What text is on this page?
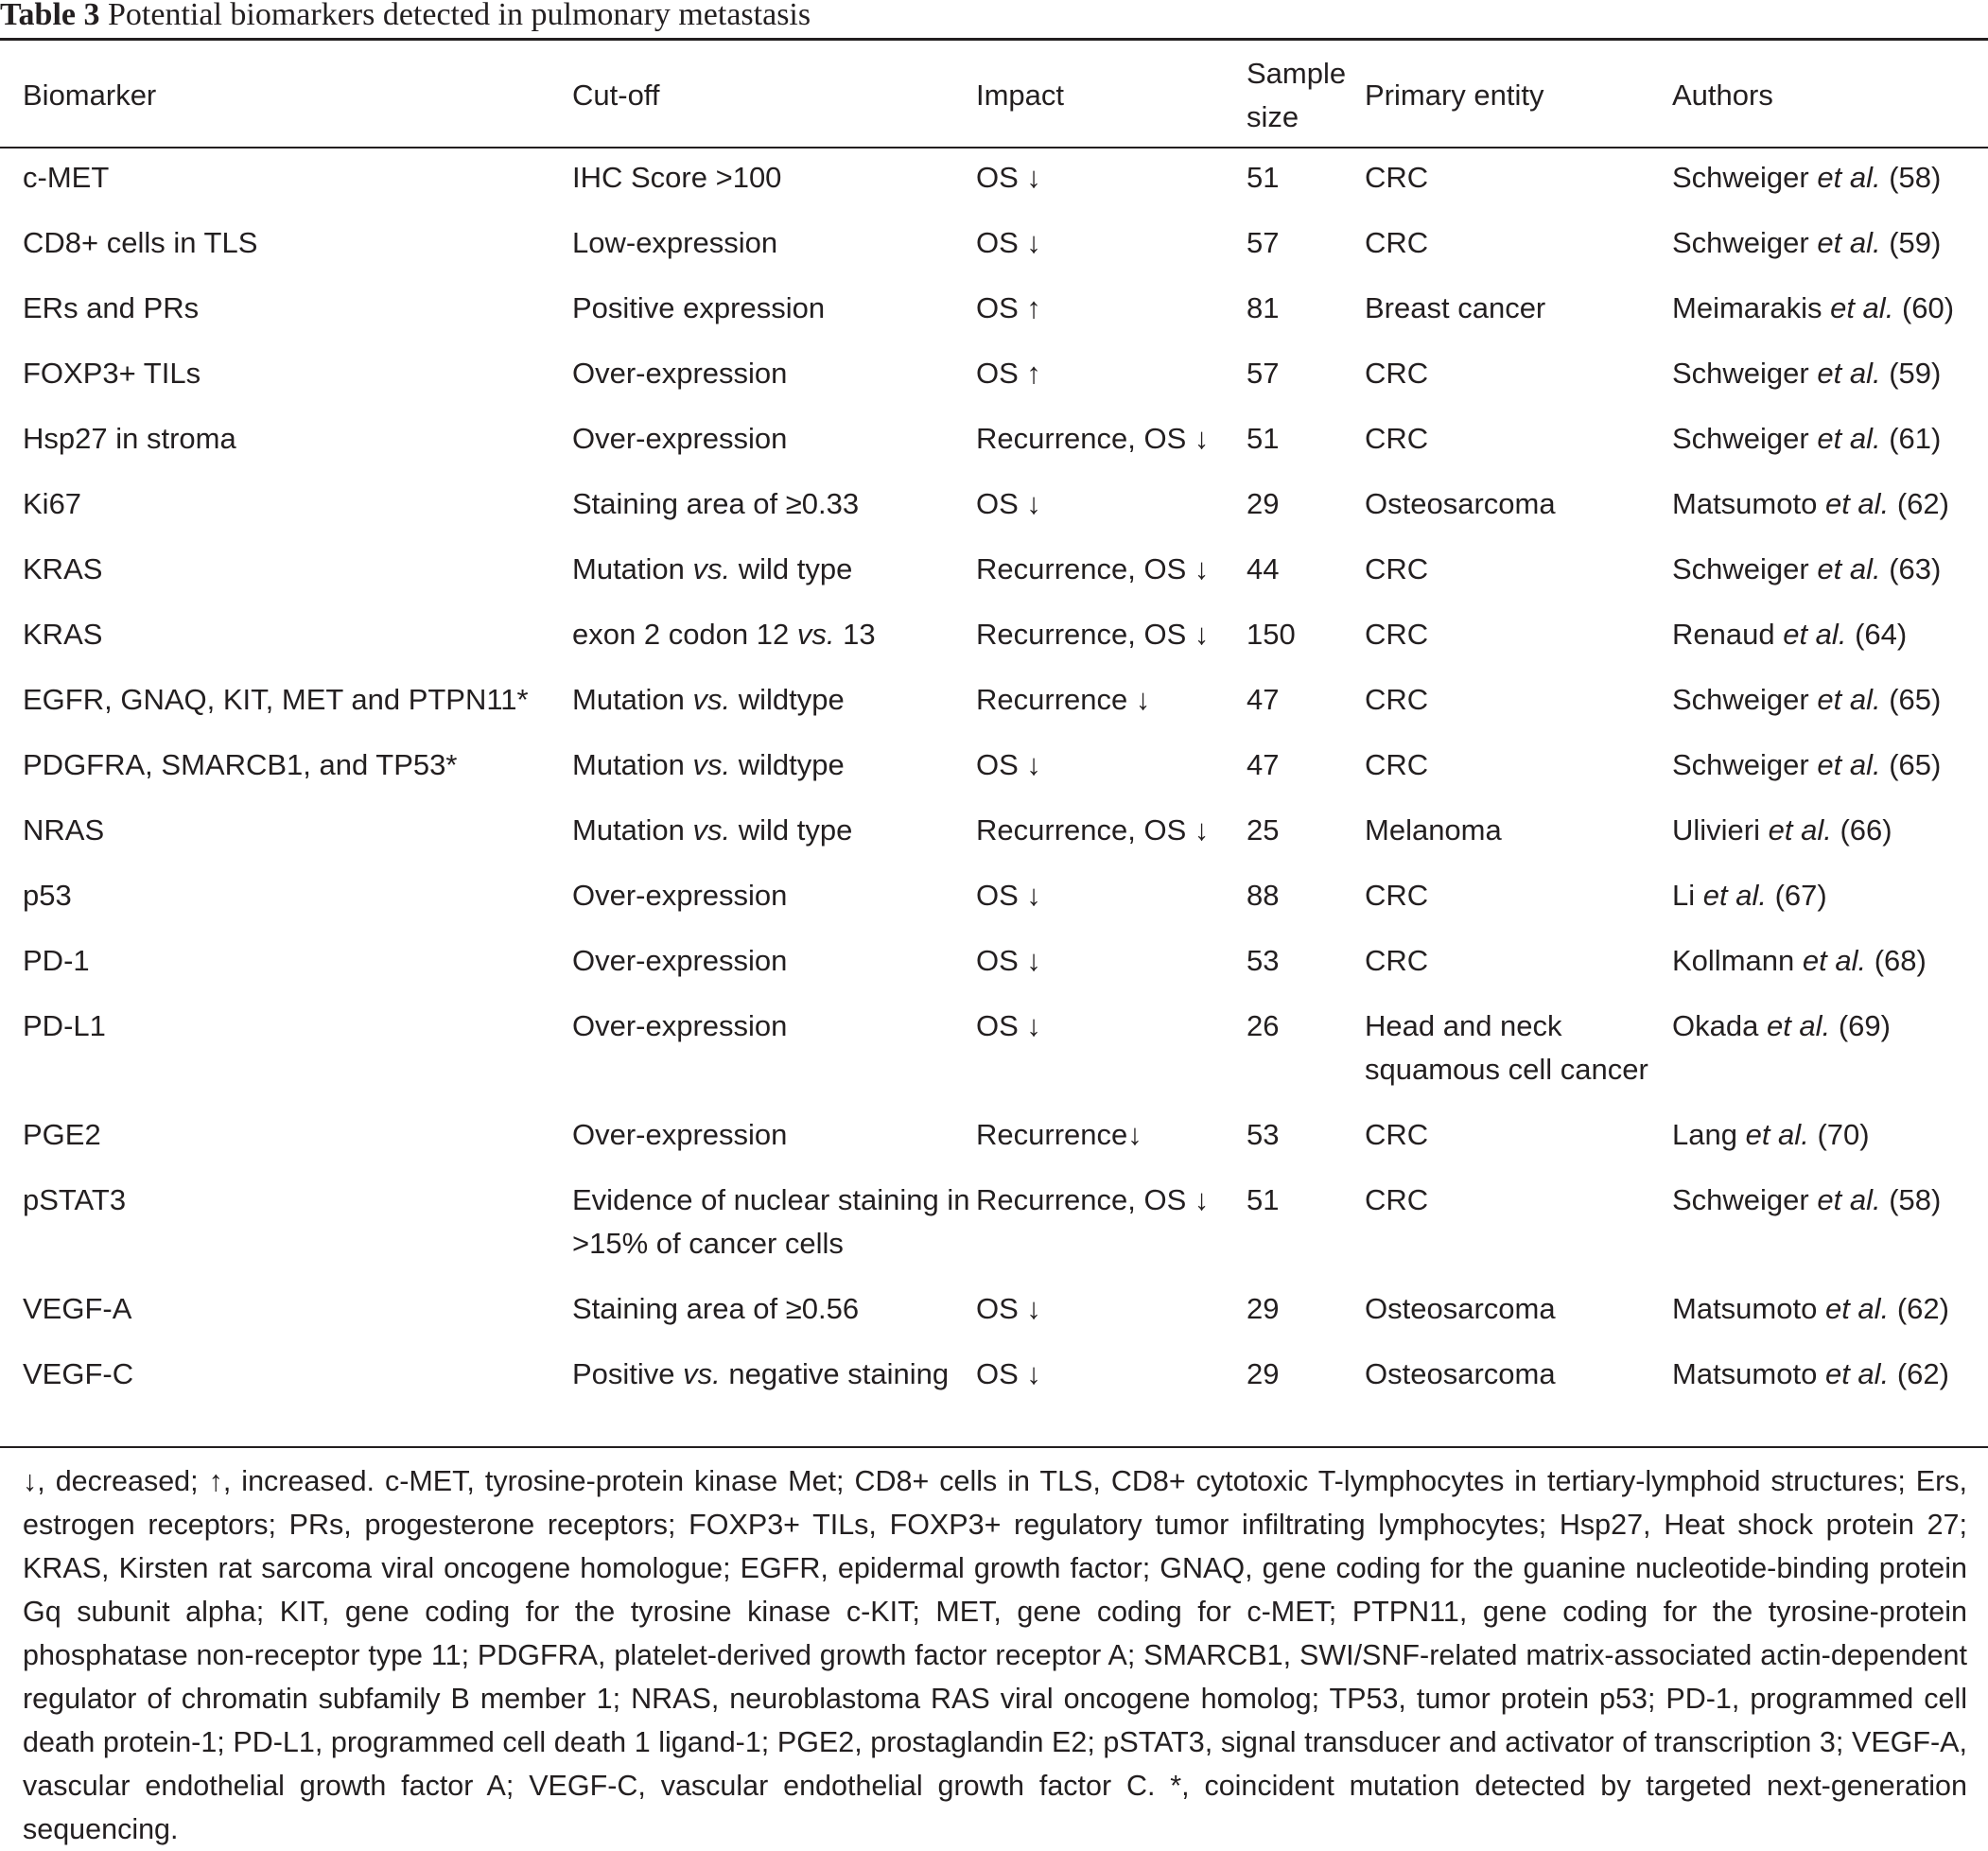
Table 3 Potential biomarkers detected in pulmonary metastasis
	Biomarker	Cut-off	Impact	Sample size	Primary entity	Authors
	c-MET	IHC Score >100	OS ↓	51	CRC	Schweiger et al. (58)
	CD8+ cells in TLS	Low-expression	OS ↓	57	CRC	Schweiger et al. (59)
	ERs and PRs	Positive expression	OS ↑	81	Breast cancer	Meimarakis et al. (60)
	FOXP3+ TILs	Over-expression	OS ↑	57	CRC	Schweiger et al. (59)
	Hsp27 in stroma	Over-expression	Recurrence, OS ↓	51	CRC	Schweiger et al. (61)
	Ki67	Staining area of ≥0.33	OS ↓	29	Osteosarcoma	Matsumoto et al. (62)
	KRAS	Mutation vs. wild type	Recurrence, OS ↓	44	CRC	Schweiger et al. (63)
	KRAS	exon 2 codon 12 vs. 13	Recurrence, OS ↓	150	CRC	Renaud et al. (64)
	EGFR, GNAQ, KIT, MET and PTPN11*	Mutation vs. wildtype	Recurrence ↓	47	CRC	Schweiger et al. (65)
	PDGFRA, SMARCB1, and TP53*	Mutation vs. wildtype	OS ↓	47	CRC	Schweiger et al. (65)
	NRAS	Mutation vs. wild type	Recurrence, OS ↓	25	Melanoma	Ulivieri et al. (66)
	p53	Over-expression	OS ↓	88	CRC	Li et al. (67)
	PD-1	Over-expression	OS ↓	53	CRC	Kollmann et al. (68)
	PD-L1	Over-expression	OS ↓	26	Head and neck squamous cell cancer	Okada et al. (69)
	PGE2	Over-expression	Recurrence↓	53	CRC	Lang et al. (70)
	pSTAT3	Evidence of nuclear staining in >15% of cancer cells	Recurrence, OS ↓	51	CRC	Schweiger et al. (58)
	VEGF-A	Staining area of ≥0.56	OS ↓	29	Osteosarcoma	Matsumoto et al. (62)
	VEGF-C	Positive vs. negative staining	OS ↓	29	Osteosarcoma	Matsumoto et al. (62)
↓, decreased; ↑, increased. c-MET, tyrosine-protein kinase Met; CD8+ cells in TLS, CD8+ cytotoxic T-lymphocytes in tertiary-lymphoid structures; Ers, estrogen receptors; PRs, progesterone receptors; FOXP3+ TILs, FOXP3+ regulatory tumor infiltrating lymphocytes; Hsp27, Heat shock protein 27; KRAS, Kirsten rat sarcoma viral oncogene homologue; EGFR, epidermal growth factor; GNAQ, gene coding for the guanine nucleotide-binding protein Gq subunit alpha; KIT, gene coding for the tyrosine kinase c-KIT; MET, gene coding for c-MET; PTPN11, gene coding for the tyrosine-protein phosphatase non-receptor type 11; PDGFRA, platelet-derived growth factor receptor A; SMARCB1, SWI/SNF-related matrix-associated actin-dependent regulator of chromatin subfamily B member 1; NRAS, neuroblastoma RAS viral oncogene homolog; TP53, tumor protein p53; PD-1, programmed cell death protein-1; PD-L1, programmed cell death 1 ligand-1; PGE2, prostaglandin E2; pSTAT3, signal transducer and activator of transcription 3; VEGF-A, vascular endothelial growth factor A; VEGF-C, vascular endothelial growth factor C. *, coincident mutation detected by targeted next-generation sequencing.
